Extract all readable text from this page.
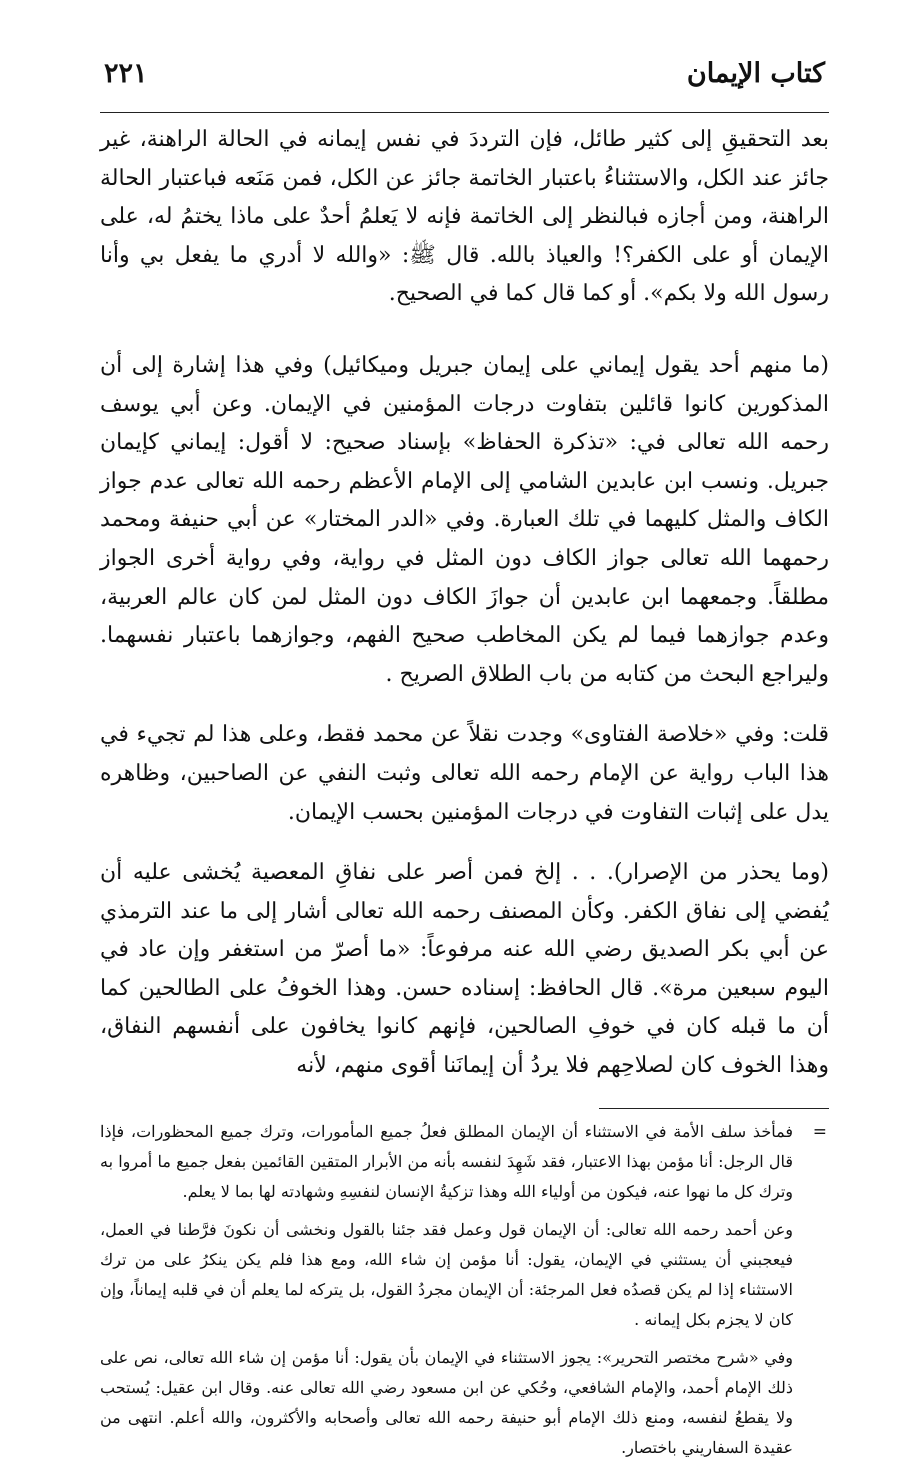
كتاب الإيمان
٢٢١

بعد التحقيقِ إلى كثير طائل، فإن الترددَ في نفس إيمانه في الحالة الراهنة، غير جائز عند الكل، والاستثناءُ باعتبار الخاتمة جائز عن الكل، فمن مَنَعه فباعتبار الحالة الراهنة، ومن أجازه فبالنظر إلى الخاتمة فإنه لا يَعلمُ أحدٌ على ماذا يختمُ له، على الإيمان أو على الكفر؟! والعياذ بالله. قال ﷺ: «والله لا أدري ما يفعل بي وأنا رسول الله ولا بكم». أو كما قال كما في الصحيح.

(ما منهم أحد يقول إيماني على إيمان جبريل وميكائيل) وفي هذا إشارة إلى أن المذكورين كانوا قائلين بتفاوت درجات المؤمنين في الإيمان. وعن أبي يوسف رحمه الله تعالى في: «تذكرة الحفاظ» بإسناد صحيح: لا أقول: إيماني كإيمان جبريل. ونسب ابن عابدين الشامي إلى الإمام الأعظم رحمه الله تعالى عدم جواز الكاف والمثل كليهما في تلك العبارة. وفي «الدر المختار» عن أبي حنيفة ومحمد رحمهما الله تعالى جواز الكاف دون المثل في رواية، وفي رواية أخرى الجواز مطلقاً. وجمعهما ابن عابدين أن جوازَ الكاف دون المثل لمن كان عالم العربية، وعدم جوازهما فيما لم يكن المخاطب صحيح الفهم، وجوازهما باعتبار نفسهما. وليراجع البحث من كتابه من باب الطلاق الصريح .

قلت: وفي «خلاصة الفتاوى» وجدت نقلاً عن محمد فقط، وعلى هذا لم تجيء في هذا الباب رواية عن الإمام رحمه الله تعالى وثبت النفي عن الصاحبين، وظاهره يدل على إثبات التفاوت في درجات المؤمنين بحسب الإيمان.

(وما يحذر من الإصرار). . . إلخ فمن أصر على نفاقِ المعصية يُخشى عليه أن يُفضي إلى نفاق الكفر. وكأن المصنف رحمه الله تعالى أشار إلى ما عند الترمذي عن أبي بكر الصديق رضي الله عنه مرفوعاً: «ما أصرّ من استغفر وإن عاد في اليوم سبعين مرة». قال الحافظ: إسناده حسن. وهذا الخوفُ على الطالحين كما أن ما قبله كان في خوفِ الصالحين، فإنهم كانوا يخافون على أنفسهم النفاق، وهذا الخوف كان لصلاحِهم فلا يردُ أن إيمانَنا أقوى منهم، لأنه

=

فمأخذ سلف الأمة في الاستثناء أن الإيمان المطلق فعلُ جميع المأمورات، وترك جميع المحظورات، فإذا قال الرجل: أنا مؤمن بهذا الاعتبار، فقد شَهِدَ لنفسه بأنه من الأبرار المتقين القائمين بفعل جميع ما أمروا به وترك كل ما نهوا عنه، فيكون من أولياء الله وهذا تزكيةُ الإنسان لنفسِهِ وشهادته لها بما لا يعلم.

وعن أحمد رحمه الله تعالى: أن الإيمان قول وعمل فقد جئنا بالقول ونخشى أن نكونَ فرَّطنا في العمل، فيعجبني أن يستثني في الإيمان، يقول: أنا مؤمن إن شاء الله، ومع هذا فلم يكن ينكرُ على من ترك الاستثناء إذا لم يكن قصدُه فعل المرجئة: أن الإيمان مجردُ القول، بل يتركه لما يعلم أن في قلبه إيماناً، وإن كان لا يجزم بكل إيمانه .

وفي «شرح مختصر التحرير»: يجوز الاستثناء في الإيمان بأن يقول: أنا مؤمن إن شاء الله تعالى، نص على ذلك الإمام أحمد، والإمام الشافعي، وحُكي عن ابن مسعود رضي الله تعالى عنه. وقال ابن عقيل: يُستحب ولا يقطعُ لنفسه، ومنع ذلك الإمام أبو حنيفة رحمه الله تعالى وأصحابه والأكثرون، والله أعلم. انتهى من عقيدة السفاريني باختصار.
